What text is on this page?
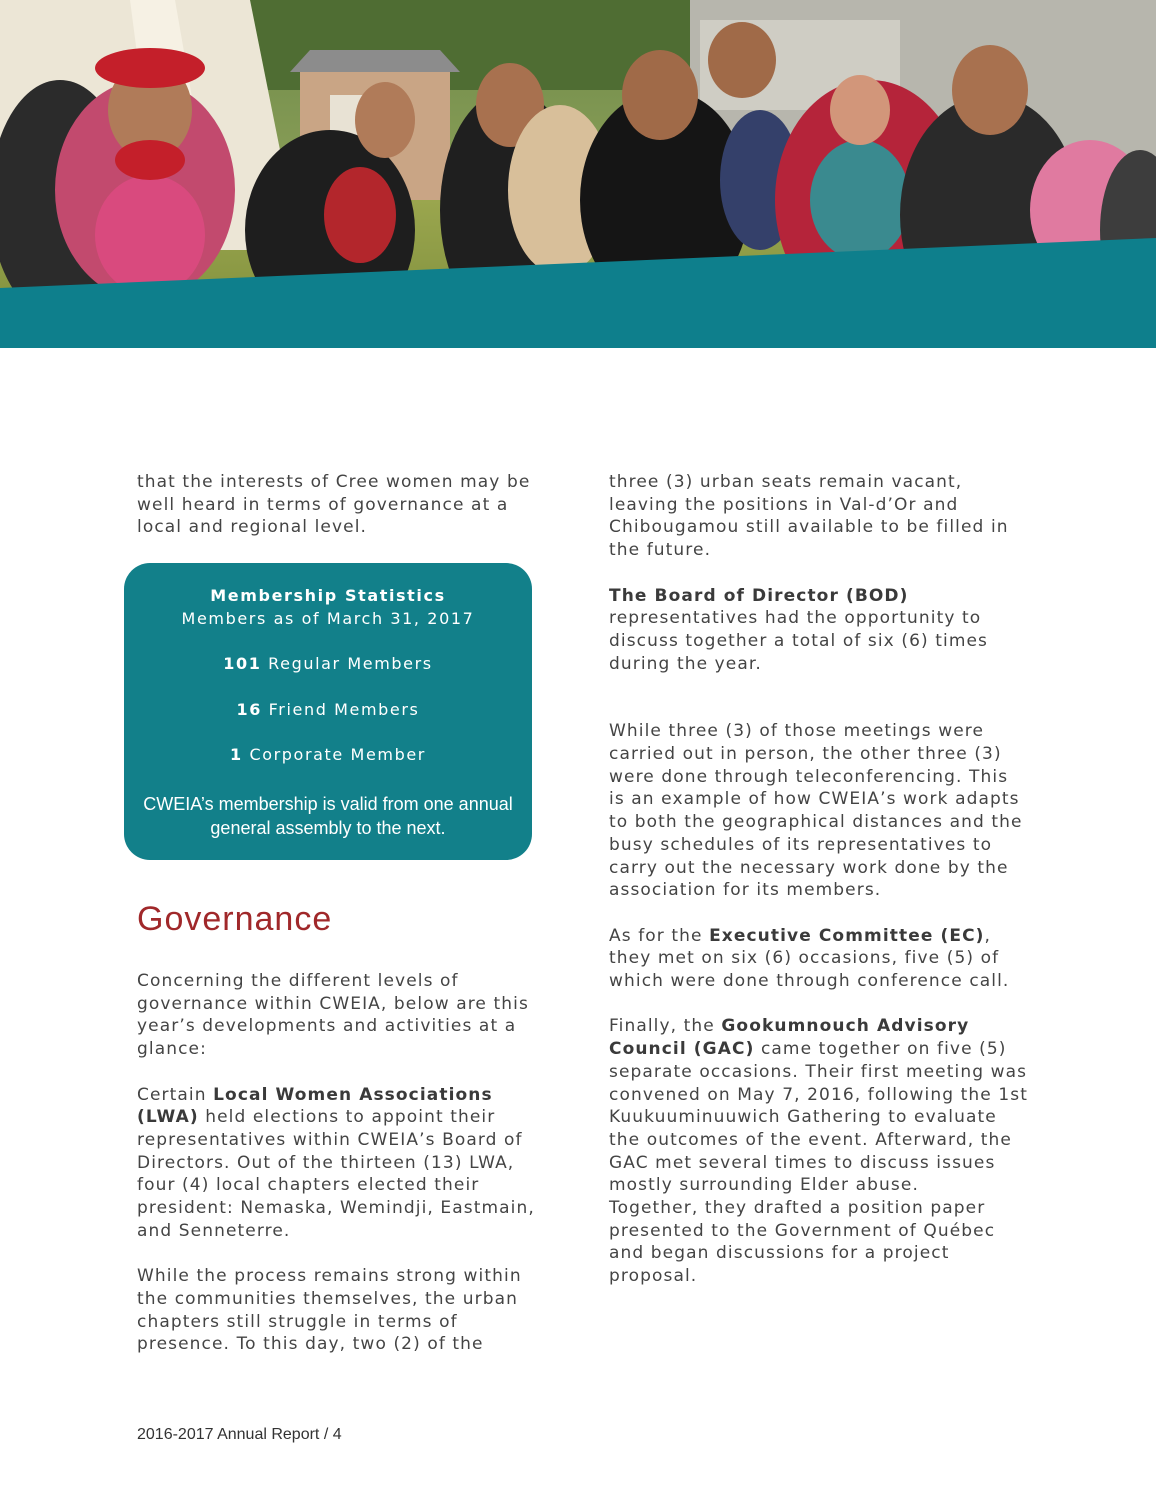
that the interests of Cree women may be well heard in terms of governance at a local and regional level.

Membership Statistics
Members as of March 31, 2017
101 Regular Members
16 Friend Members
1 Corporate Member
CWEIA’s membership is valid from one annual general assembly to the next.
Governance

Concerning the different levels of governance within CWEIA, below are this year’s developments and activities at a glance:

Certain Local Women Associations (LWA) held elections to appoint their representatives within CWEIA’s Board of Directors. Out of the thirteen (13) LWA, four (4) local chapters elected their president: Nemaska, Wemindji, Eastmain, and Senneterre.

While the process remains strong within the communities themselves, the urban chapters still struggle in terms of presence. To this day, two (2) of the

three (3) urban seats remain vacant, leaving the positions in Val-d’Or and Chibougamou still available to be filled in the future.

The Board of Director (BOD) representatives had the opportunity to discuss together a total of six (6) times during the year.

While three (3) of those meetings were carried out in person, the other three (3) were done through teleconferencing. This is an example of how CWEIA’s work adapts to both the geographical distances and the busy schedules of its representatives to carry out the necessary work done by the association for its members.

As for the Executive Committee (EC), they met on six (6) occasions, five (5) of which were done through conference call.

Finally, the Gookumnouch Advisory Council (GAC) came together on five (5) separate occasions. Their first meeting was convened on May 7, 2016, following the 1st Kuukuuminuuwich Gathering to evaluate the outcomes of the event. Afterward, the GAC met several times to discuss issues mostly surrounding Elder abuse.

Together, they drafted a position paper presented to the Government of Québec and began discussions for a project proposal.

2016-2017 Annual Report / 4
